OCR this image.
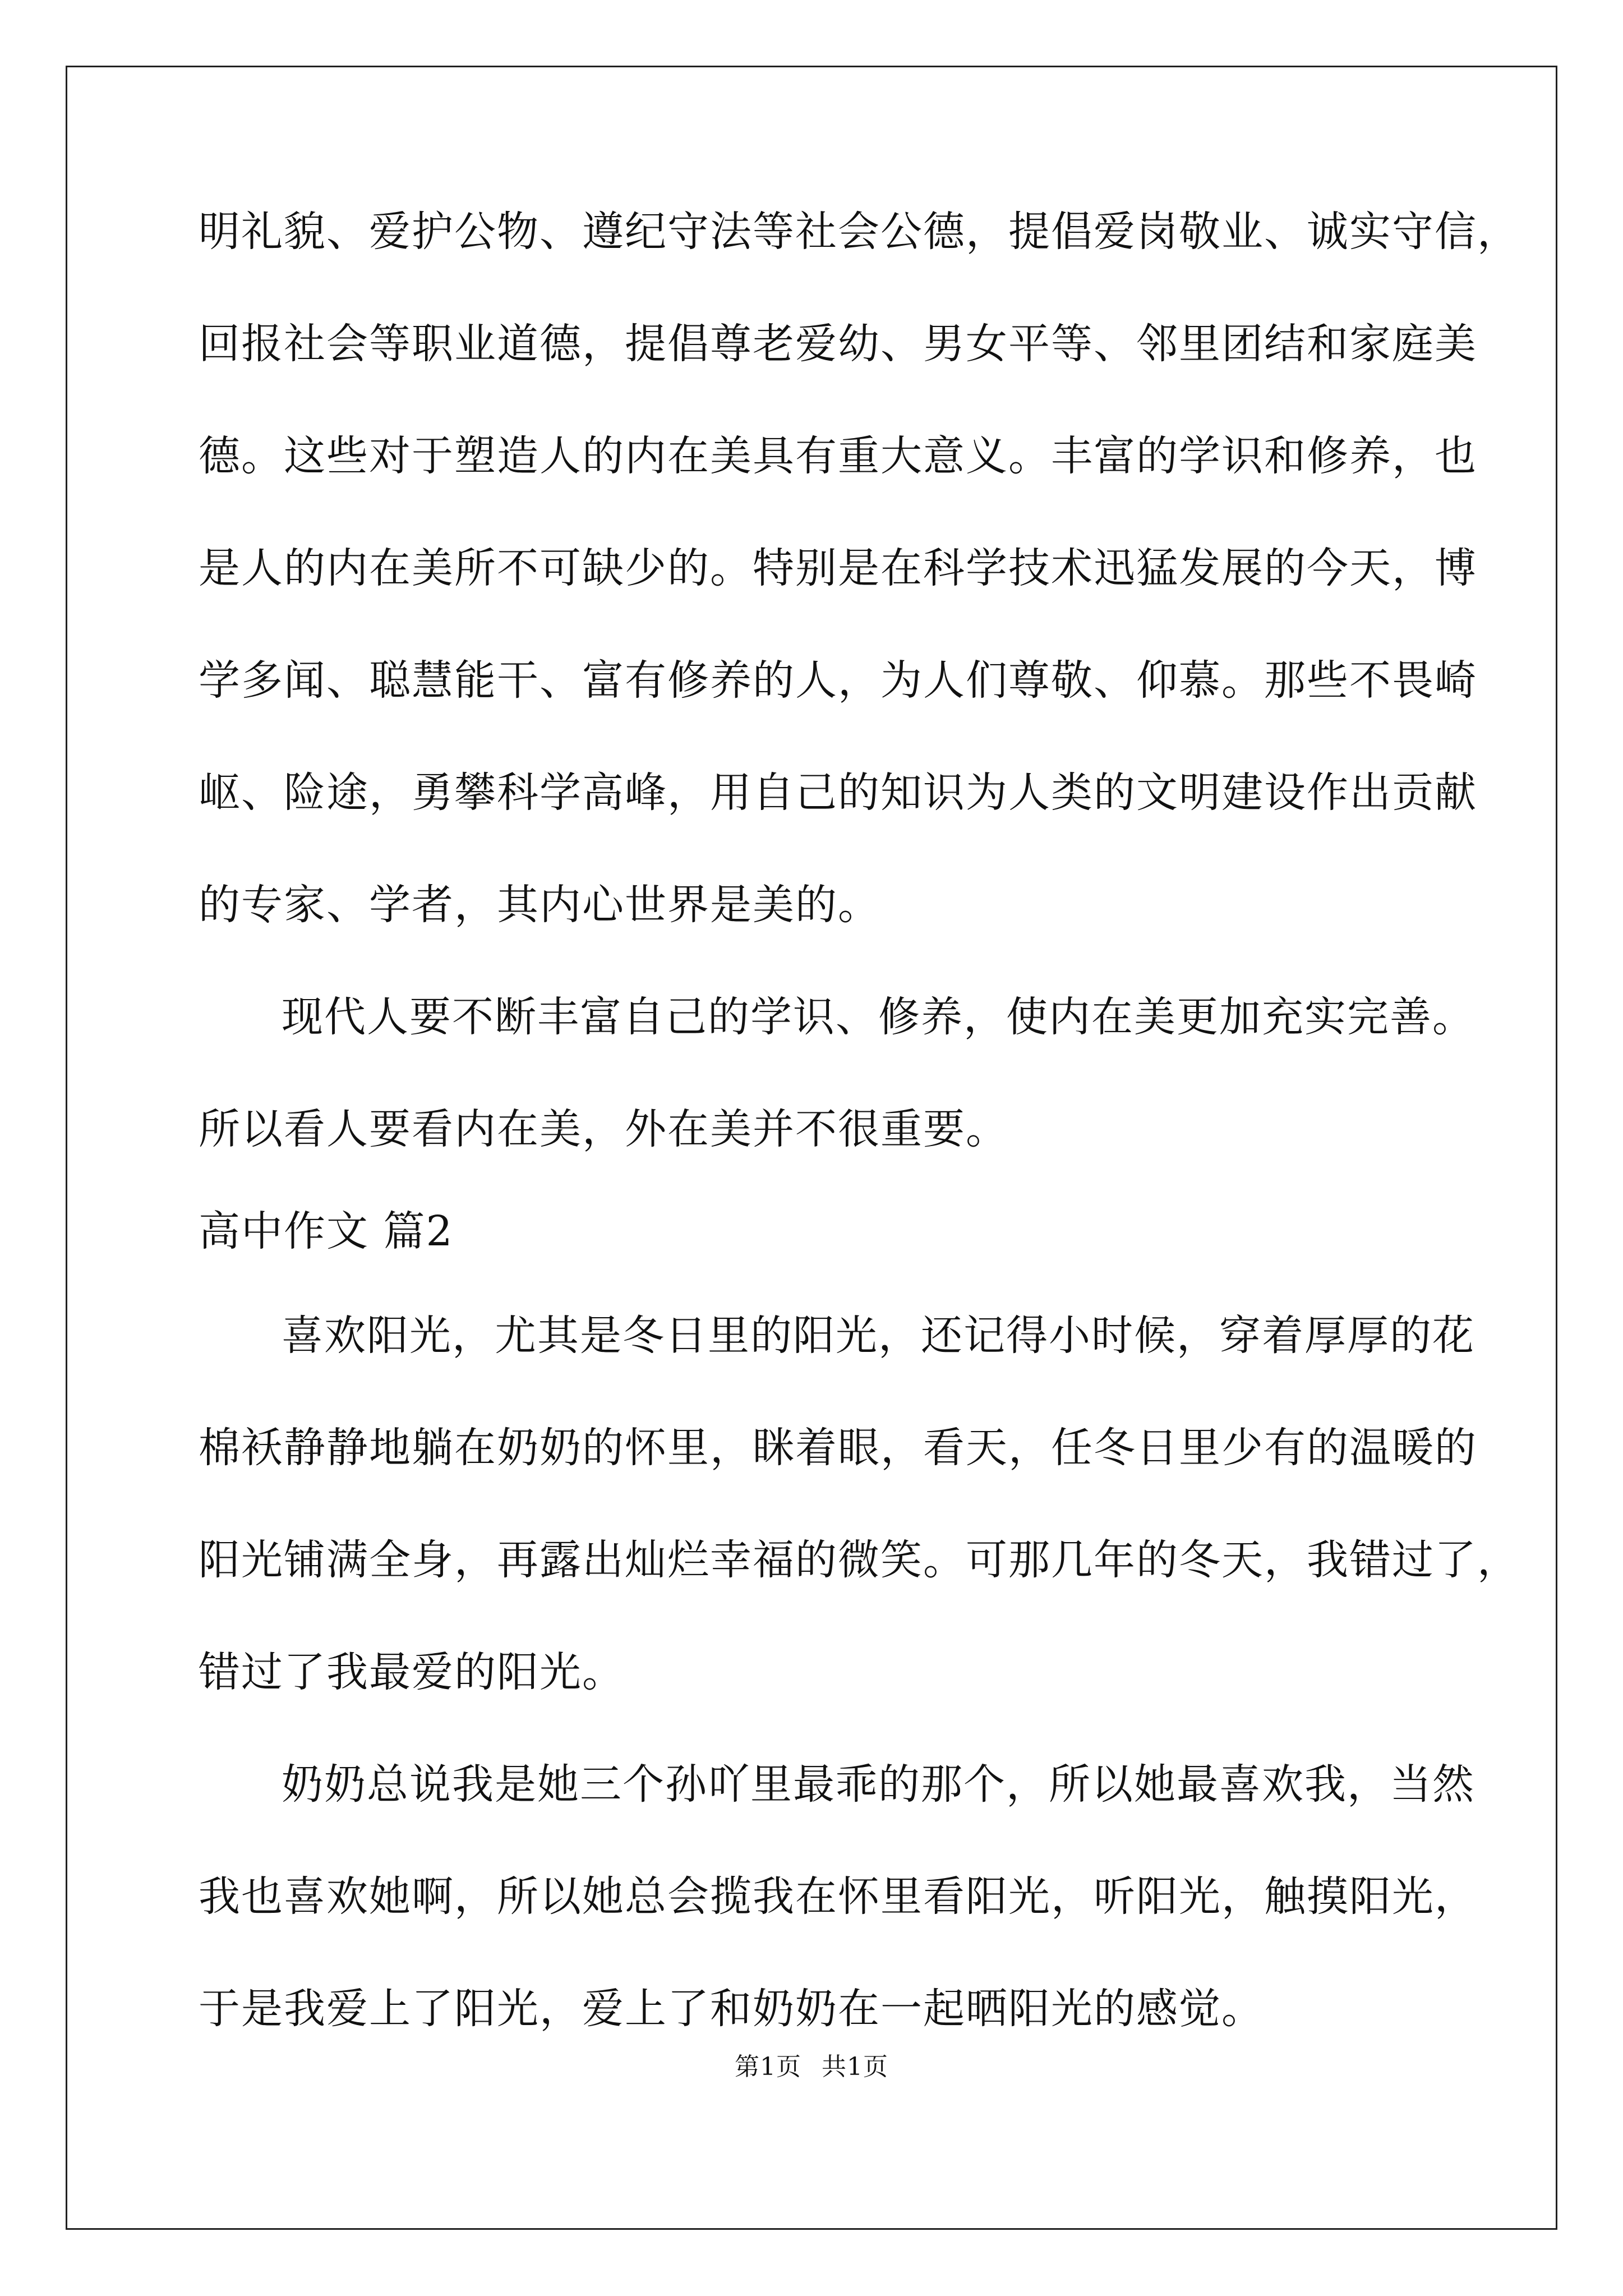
明礼貌、爱护公物、遵纪守法等社会公德，提倡爱岗敬业、诚实守信，
回报社会等职业道德，提倡尊老爱幼、男女平等、邻里团结和家庭美
德。这些对于塑造人的内在美具有重大意义。丰富的学识和修养，也
是人的内在美所不可缺少的。特别是在科学技术迅猛发展的今天，博
学多闻、聪慧能干、富有修养的人，为人们尊敬、仰慕。那些不畏崎
岖、险途，勇攀科学高峰，用自己的知识为人类的文明建设作出贡献
的专家、学者，其内心世界是美的。
现代人要不断丰富自己的学识、修养，使内在美更加充实完善。
所以看人要看内在美，外在美并不很重要。
高中作文 篇2
喜欢阳光，尤其是冬日里的阳光，还记得小时候，穿着厚厚的花
棉袄静静地躺在奶奶的怀里，眯着眼，看天，任冬日里少有的温暖的
阳光铺满全身，再露出灿烂幸福的微笑。可那几年的冬天，我错过了，
错过了我最爱的阳光。
奶奶总说我是她三个孙吖里最乖的那个，所以她最喜欢我，当然
我也喜欢她啊，所以她总会揽我在怀里看阳光，听阳光，触摸阳光，
于是我爱上了阳光，爱上了和奶奶在一起晒阳光的感觉。
第1页 共1页
